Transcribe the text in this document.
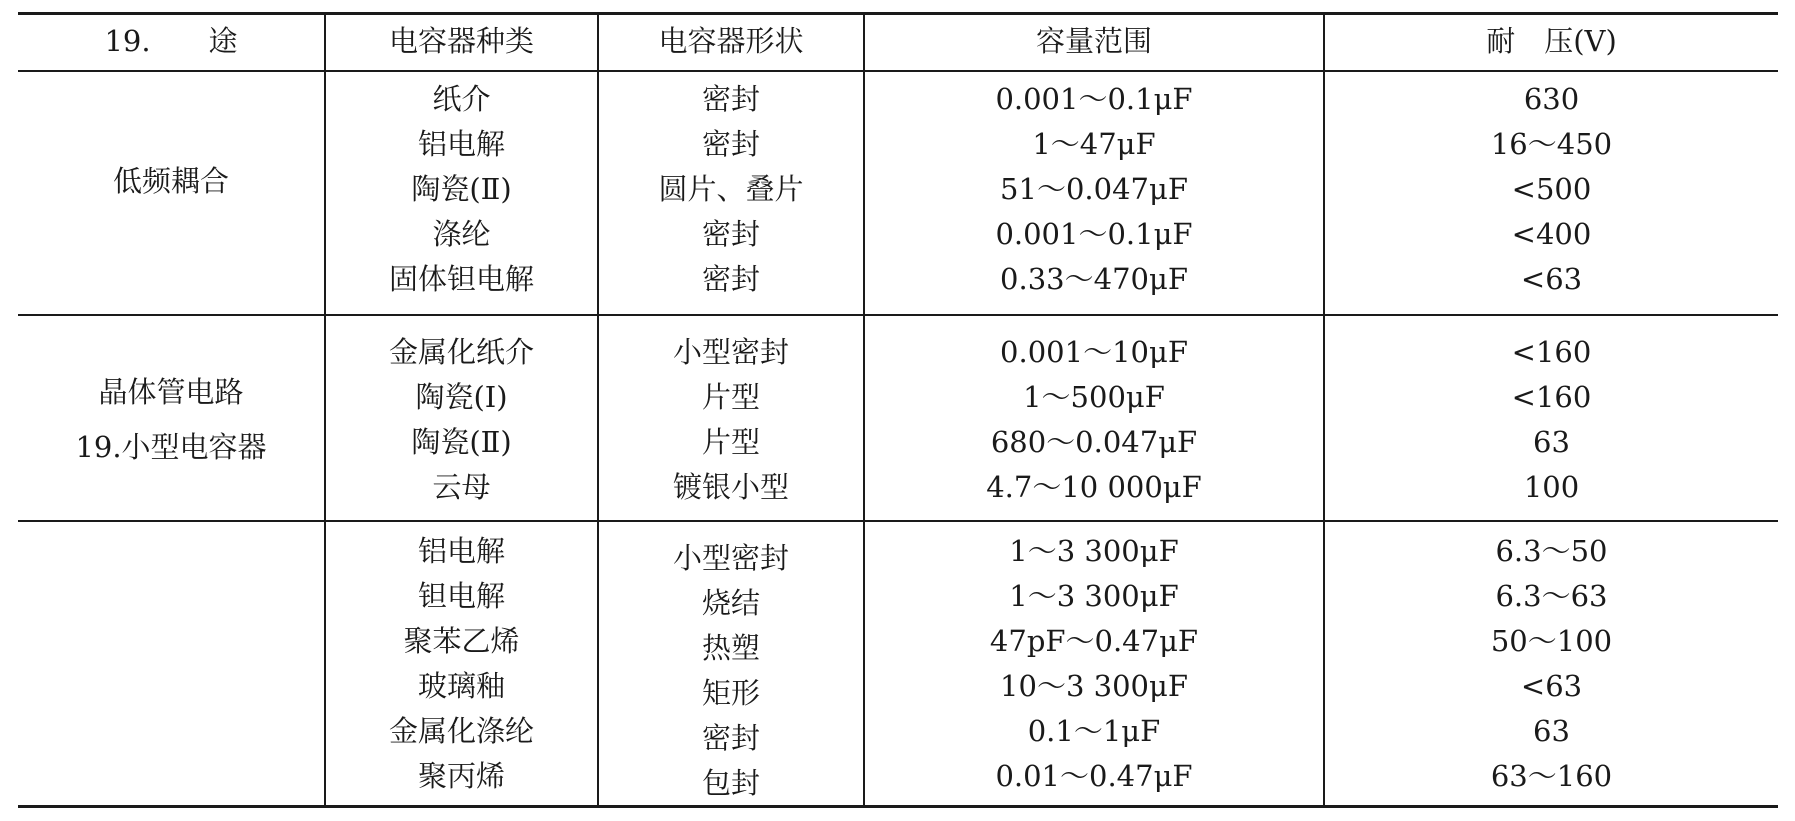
19.　　途	电容器种类	电容器形状	容量范围	耐　压(V)
低频耦合
纸介	密封	0.001～0.1μF	630
铝电解	密封	1～47μF	16～450
陶瓷(Ⅱ)	圆片、叠片	51～0.047μF	<500
涤纶	密封	0.001～0.1μF	<400
固体钽电解	密封	0.33～470μF	<63
晶体管电路
19.小型电容器
金属化纸介	小型密封	0.001～10μF	<160
陶瓷(Ⅰ)	片型	1～500μF	<160
陶瓷(Ⅱ)	片型	680～0.047μF	63
云母	镀银小型	4.7～10 000μF	100
铝电解	小型密封	1～3 300μF	6.3～50
钽电解	烧结	1～3 300μF	6.3～63
聚苯乙烯	热塑	47pF～0.47μF	50～100
玻璃釉	矩形	10～3 300μF	<63
金属化涤纶	密封	0.1～1μF	63
聚丙烯	包封	0.01～0.47μF	63～160
